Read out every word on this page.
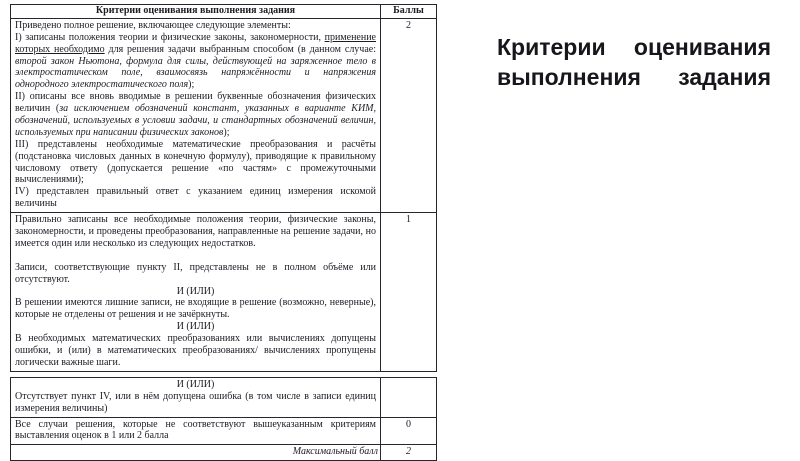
Критерии оценивания выполнения задания	Баллы
Приведено полное решение, включающее следующие элементы:
I) записаны положения теории и физические законы, закономерности, применение которых необходимо для решения задачи выбранным способом (в данном случае: второй закон Ньютона, формула для силы, действующей на заряженное тело в электростатическом поле, взаимосвязь напряжённости и напряжения однородного электростатического поля);
II) описаны все вновь вводимые в решении буквенные обозначения физических величин (за исключением обозначений констант, указанных в варианте КИМ, обозначений, используемых в условии задачи, и стандартных обозначений величин, используемых при написании физических законов);
III) представлены необходимые математические преобразования и расчёты (подстановка числовых данных в конечную формулу), приводящие к правильному числовому ответу (допускается решение «по частям» с промежуточными вычислениями);
IV) представлен правильный ответ с указанием единиц измерения искомой величины
2
Правильно записаны все необходимые положения теории, физические законы, закономерности, и проведены преобразования, направленные на решение задачи, но имеется один или несколько из следующих недостатков.
Записи, соответствующие пункту II, представлены не в полном объёме или отсутствуют.
И (ИЛИ)
В решении имеются лишние записи, не входящие в решение (возможно, неверные), которые не отделены от решения и не зачёркнуты.
И (ИЛИ)
В необходимых математических преобразованиях или вычислениях допущены ошибки, и (или) в математических преобразованиях/ вычислениях пропущены логически важные шаги.
1
И (ИЛИ)
Отсутствует пункт IV, или в нём допущена ошибка (в том числе в записи единиц измерения величины)
Все случаи решения, которые не соответствуют вышеуказанным критериям выставления оценок в 1 или 2 балла
0
Максимальный балл	2
Критерии оценивания
выполнения задания
